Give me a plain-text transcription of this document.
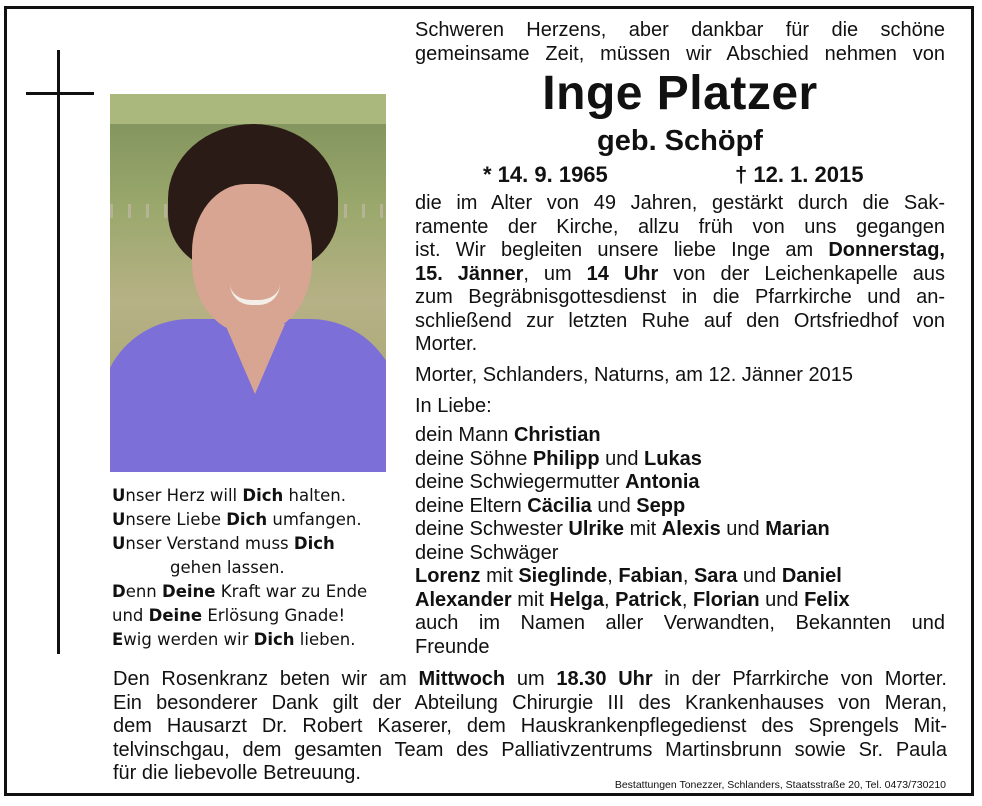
Unser Herz will Dich halten.
Unsere Liebe Dich umfangen.
Unser Verstand muss Dich
gehen lassen.
Denn Deine Kraft war zu Ende
und Deine Erlösung Gnade!
Ewig werden wir Dich lieben.
Schweren Herzens, aber dankbar für die schöne
gemeinsame Zeit, müssen wir Abschied nehmen von
Inge Platzer
geb. Schöpf
* 14. 9. 1965	† 12. 1. 2015
die im Alter von 49 Jahren, gestärkt durch die Sak-
ramente der Kirche, allzu früh von uns gegangen
ist. Wir begleiten unsere liebe Inge am Donnerstag,
15. Jänner, um 14 Uhr von der Leichenkapelle aus
zum Begräbnisgottesdienst in die Pfarrkirche und an-
schließend zur letzten Ruhe auf den Ortsfriedhof von
Morter.
Morter, Schlanders, Naturns, am 12. Jänner 2015
In Liebe:
dein Mann Christian
deine Söhne Philipp und Lukas
deine Schwiegermutter Antonia
deine Eltern Cäcilia und Sepp
deine Schwester Ulrike mit Alexis und Marian
deine Schwäger
Lorenz mit Sieglinde, Fabian, Sara und Daniel
Alexander mit Helga, Patrick, Florian und Felix
auch im Namen aller Verwandten, Bekannten und
Freunde
Den Rosenkranz beten wir am Mittwoch um 18.30 Uhr in der Pfarrkirche von Morter.
Ein besonderer Dank gilt der Abteilung Chirurgie III des Krankenhauses von Meran,
dem Hausarzt Dr. Robert Kaserer, dem Hauskrankenpflegedienst des Sprengels Mit-
telvinschgau, dem gesamten Team des Palliativzentrums Martinsbrunn sowie Sr. Paula
für die liebevolle Betreuung.
Bestattungen Tonezzer, Schlanders, Staatsstraße 20, Tel. 0473/730210
